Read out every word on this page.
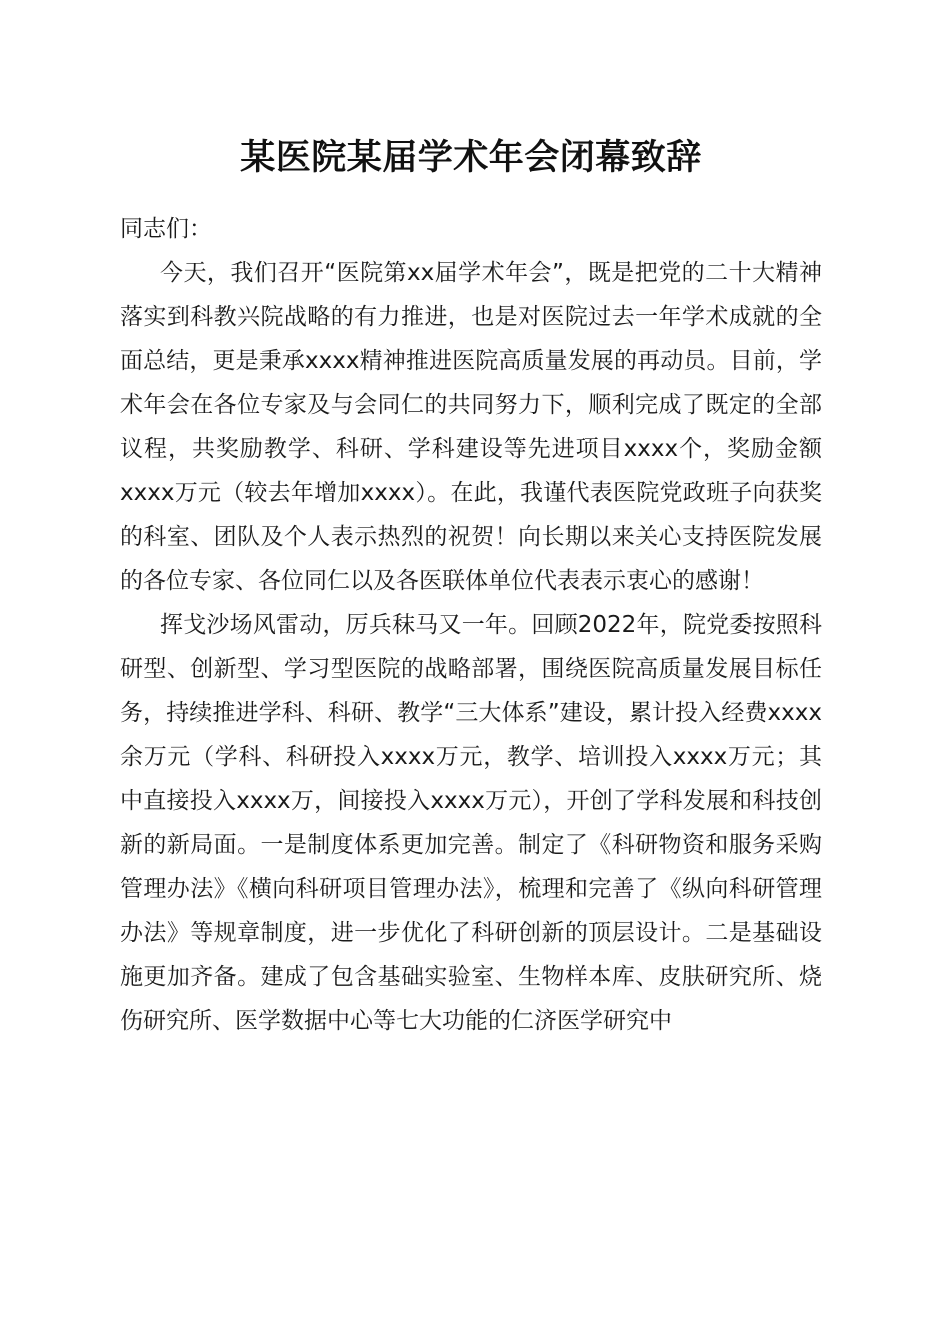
某医院某届学术年会闭幕致辞

同志们：

今天，我们召开“医院第xx届学术年会”，既是把党的二十大精神落实到科教兴院战略的有力推进，也是对医院过去一年学术成就的全面总结，更是秉承xxxx精神推进医院高质量发展的再动员。目前，学术年会在各位专家及与会同仁的共同努力下，顺利完成了既定的全部议程，共奖励教学、科研、学科建设等先进项目xxxx个，奖励金额xxxx万元（较去年增加xxxx）。在此，我谨代表医院党政班子向获奖的科室、团队及个人表示热烈的祝贺！向长期以来关心支持医院发展的各位专家、各位同仁以及各医联体单位代表表示衷心的感谢！

挥戈沙场风雷动，厉兵秣马又一年。回顾2022年，院党委按照科研型、创新型、学习型医院的战略部署，围绕医院高质量发展目标任务，持续推进学科、科研、教学“三大体系”建设，累计投入经费xxxx余万元（学科、科研投入xxxx万元，教学、培训投入xxxx万元；其中直接投入xxxx万，间接投入xxxx万元），开创了学科发展和科技创新的新局面。一是制度体系更加完善。制定了《科研物资和服务采购管理办法》《横向科研项目管理办法》，梳理和完善了《纵向科研管理办法》等规章制度，进一步优化了科研创新的顶层设计。二是基础设施更加齐备。建成了包含基础实验室、生物样本库、皮肤研究所、烧伤研究所、医学数据中心等七大功能的仁济医学研究中
